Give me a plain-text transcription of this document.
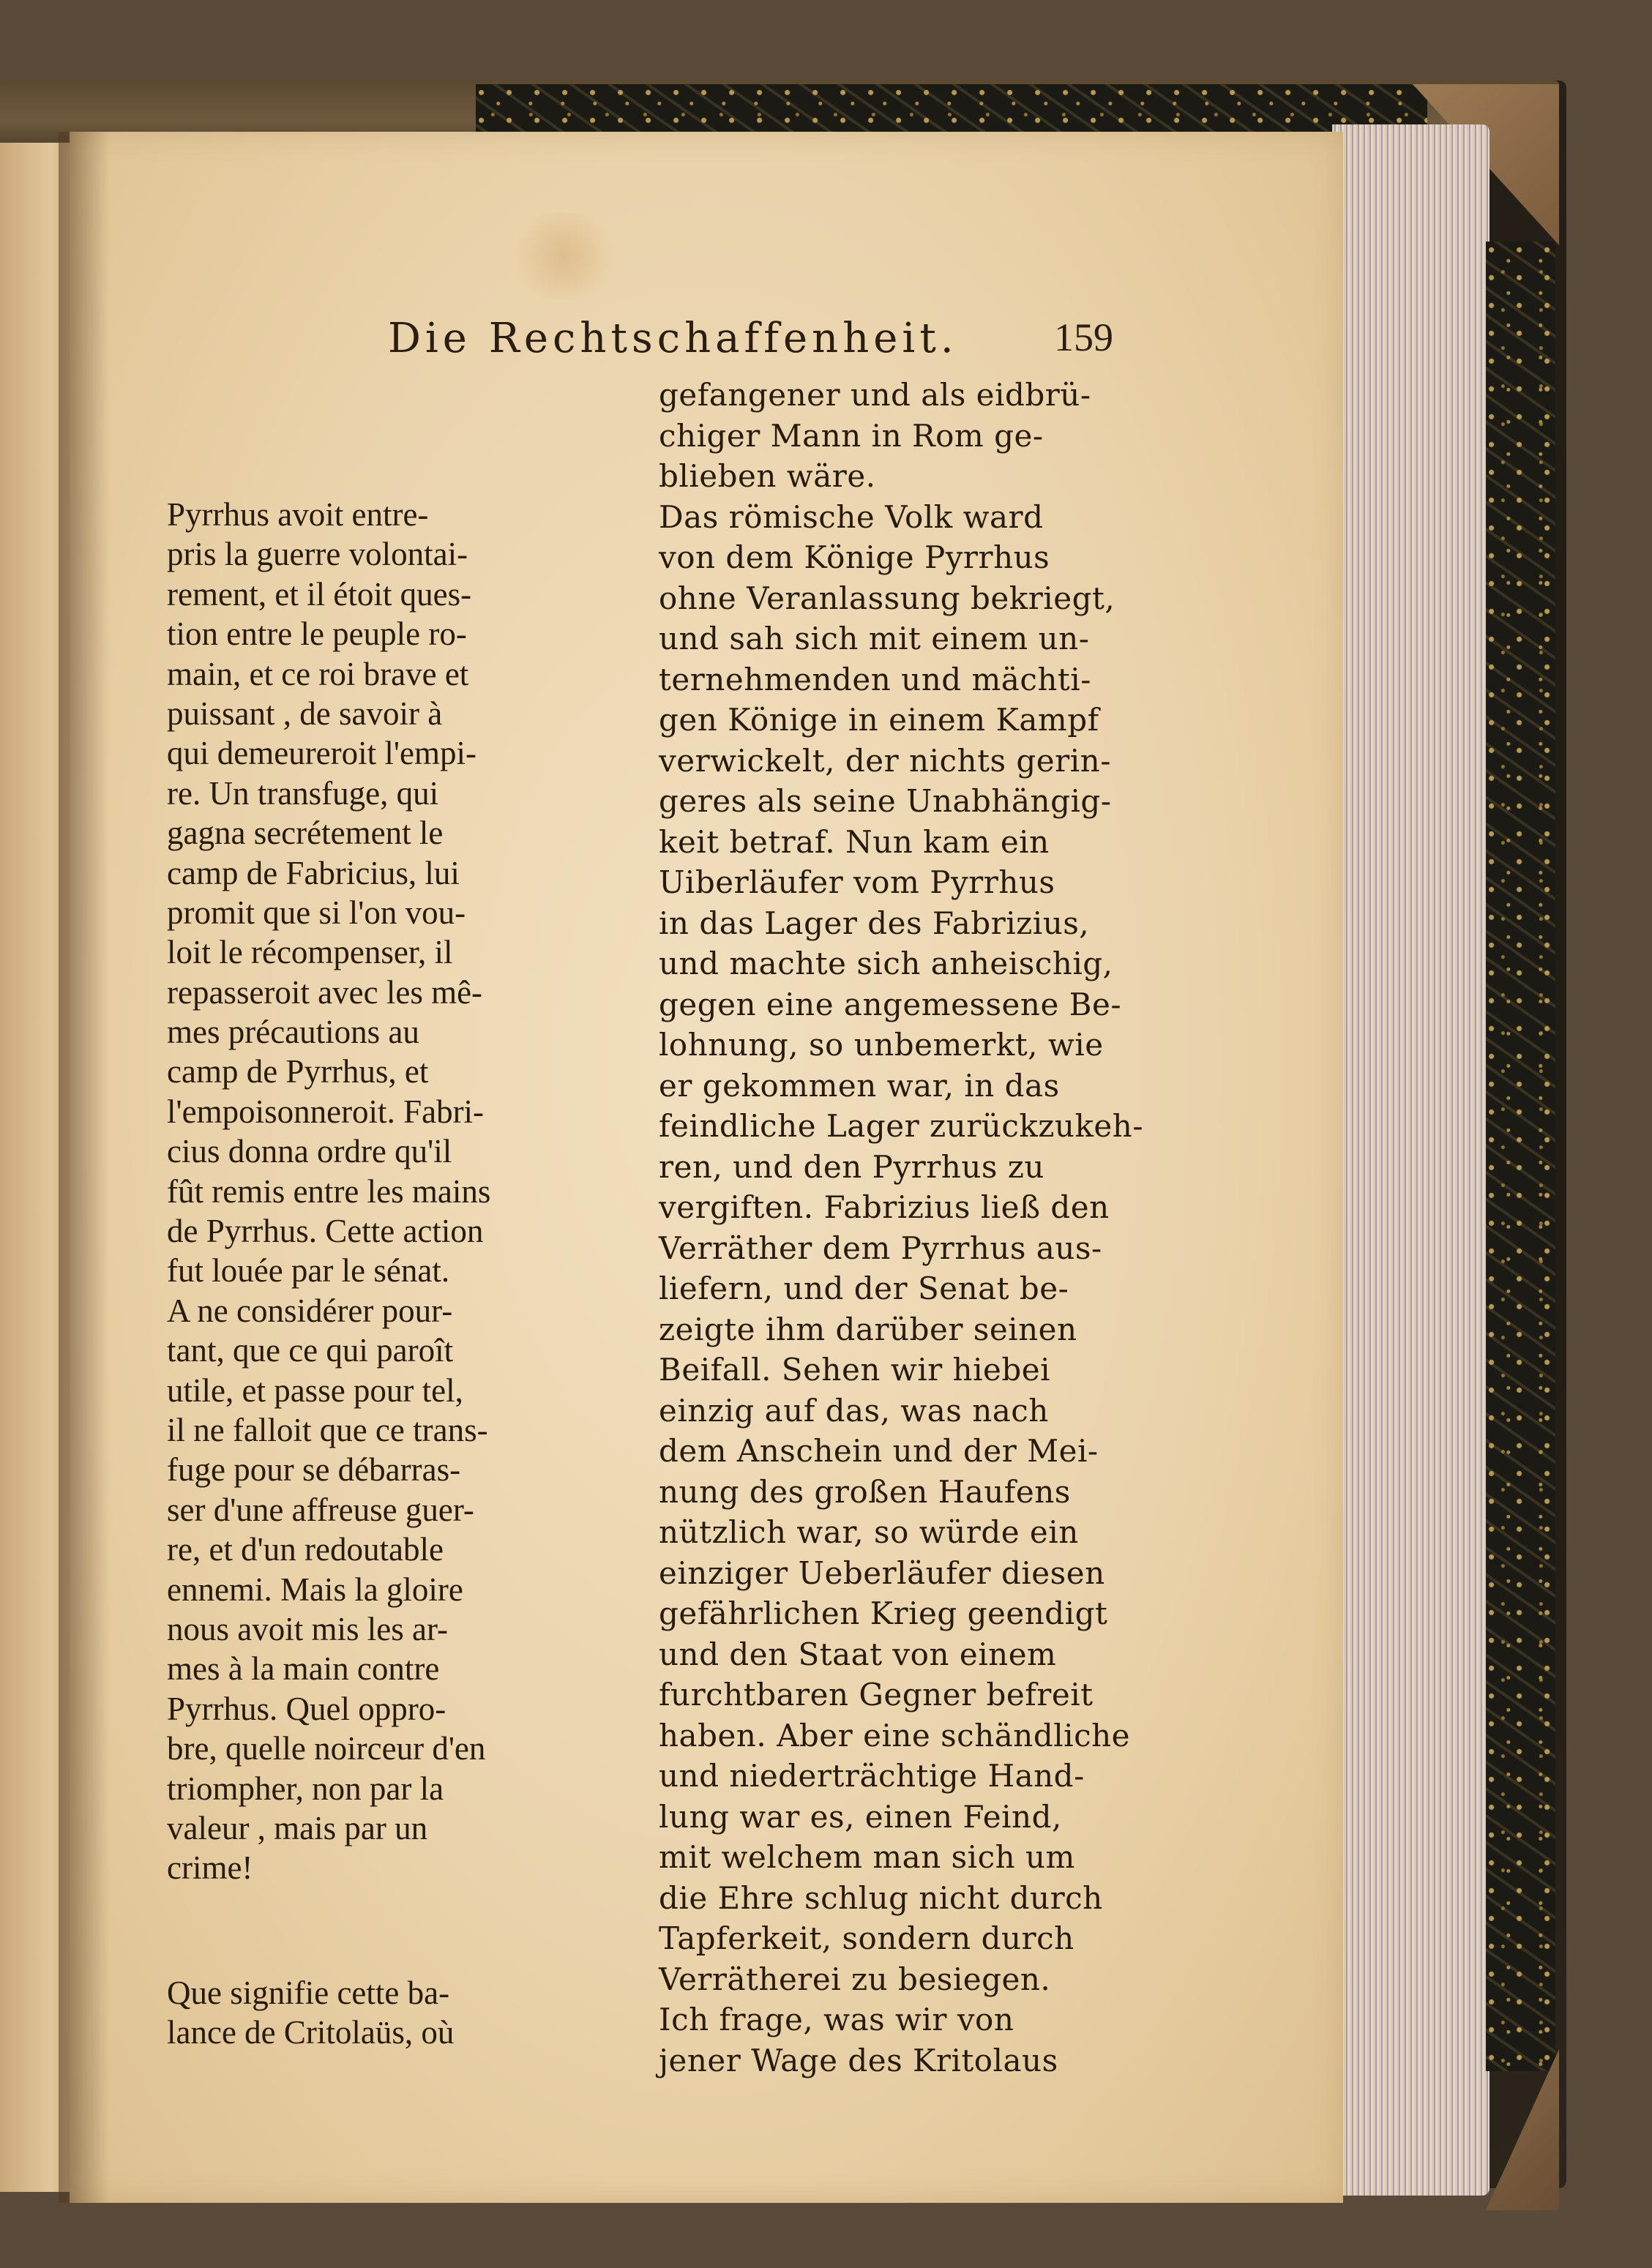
Die Rechtschaffenheit. 159
gefangener und als eidbrü-
chiger Mann in Rom ge-
blieben wäre.
Das römische Volk ward
von dem Könige Pyrrhus
ohne Veranlassung bekriegt,
und sah sich mit einem un-
ternehmenden und mächti-
gen Könige in einem Kampf
verwickelt, der nichts gerin-
geres als seine Unabhängig-
keit betraf. Nun kam ein
Uiberläufer vom Pyrrhus
in das Lager des Fabrizius,
und machte sich anheischig,
gegen eine angemessene Be-
lohnung, so unbemerkt, wie
er gekommen war, in das
feindliche Lager zurückzukeh-
ren, und den Pyrrhus zu
vergiften. Fabrizius ließ den
Verräther dem Pyrrhus aus-
liefern, und der Senat be-
zeigte ihm darüber seinen
Beifall. Sehen wir hiebei
einzig auf das, was nach
dem Anschein und der Mei-
nung des großen Haufens
nützlich war, so würde ein
einziger Ueberläufer diesen
gefährlichen Krieg geendigt
und den Staat von einem
furchtbaren Gegner befreit
haben. Aber eine schändliche
und niederträchtige Hand-
lung war es, einen Feind,
mit welchem man sich um
die Ehre schlug nicht durch
Tapferkeit, sondern durch
Verrätherei zu besiegen.
Ich frage, was wir von
jener Wage des Kritolaus
Pyrrhus avoit entre-
pris la guerre volontai-
rement, et il étoit ques-
tion entre le peuple ro-
main, et ce roi brave et
puissant , de savoir à
qui demeureroit l'empi-
re. Un transfuge, qui
gagna secrétement le
camp de Fabricius, lui
promit que si l'on vou-
loit le récompenser, il
repasseroit avec les mê-
mes précautions au
camp de Pyrrhus, et
l'empoisonneroit. Fabri-
cius donna ordre qu'il
fût remis entre les mains
de Pyrrhus. Cette action
fut louée par le sénat.
A ne considérer pour-
tant, que ce qui paroît
utile, et passe pour tel,
il ne falloit que ce trans-
fuge pour se débarras-
ser d'une affreuse guer-
re, et d'un redoutable
ennemi. Mais la gloire
nous avoit mis les ar-
mes à la main contre
Pyrrhus. Quel oppro-
bre, quelle noirceur d'en
triompher, non par la
valeur , mais par un
crime!
Que signifie cette ba-
lance de Critolaüs, où
